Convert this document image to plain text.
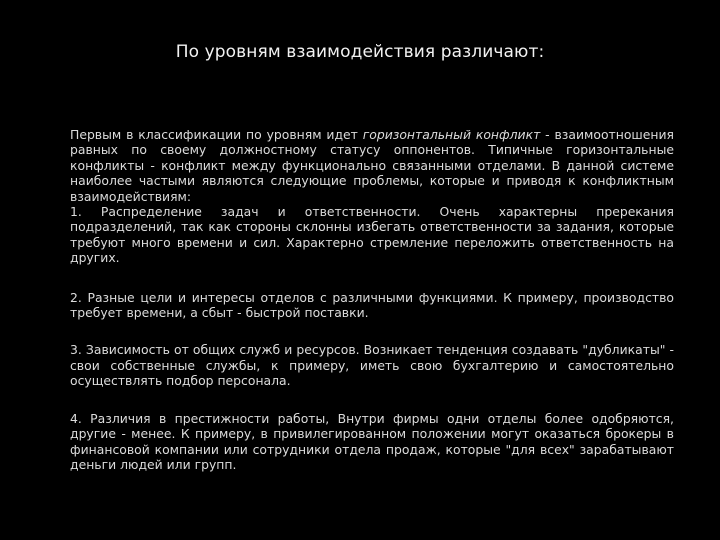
По уровням взаимодействия различают:

Первым в классификации по уровням идет горизонтальный конфликт - взаимоотношения равных по своему должностному статусу оппонентов. Типичные горизонтальные конфликты - конфликт между функционально связанными отделами. В данной системе наиболее частыми являются следующие проблемы, которые и приводя к конфликтным взаимодействиям:

1. Распределение задач и ответственности. Очень характерны пререкания подразделений, так как стороны склонны избегать ответственности за задания, которые требуют много времени и сил. Характерно стремление переложить ответственность на других.

2. Разные цели и интересы отделов с различными функциями. К примеру, производство требует времени, а сбыт - быстрой поставки.

3. Зависимость от общих служб и ресурсов. Возникает тенденция создавать "дубликаты" - свои собственные службы, к примеру, иметь свою бухгалтерию и самостоятельно осуществлять подбор персонала.

4. Различия в престижности работы, Внутри фирмы одни отделы более одобряются, другие - менее. К примеру, в привилегированном положении могут оказаться брокеры в финансовой компании или сотрудники отдела продаж, которые "для всех" зарабатывают деньги людей или групп.
